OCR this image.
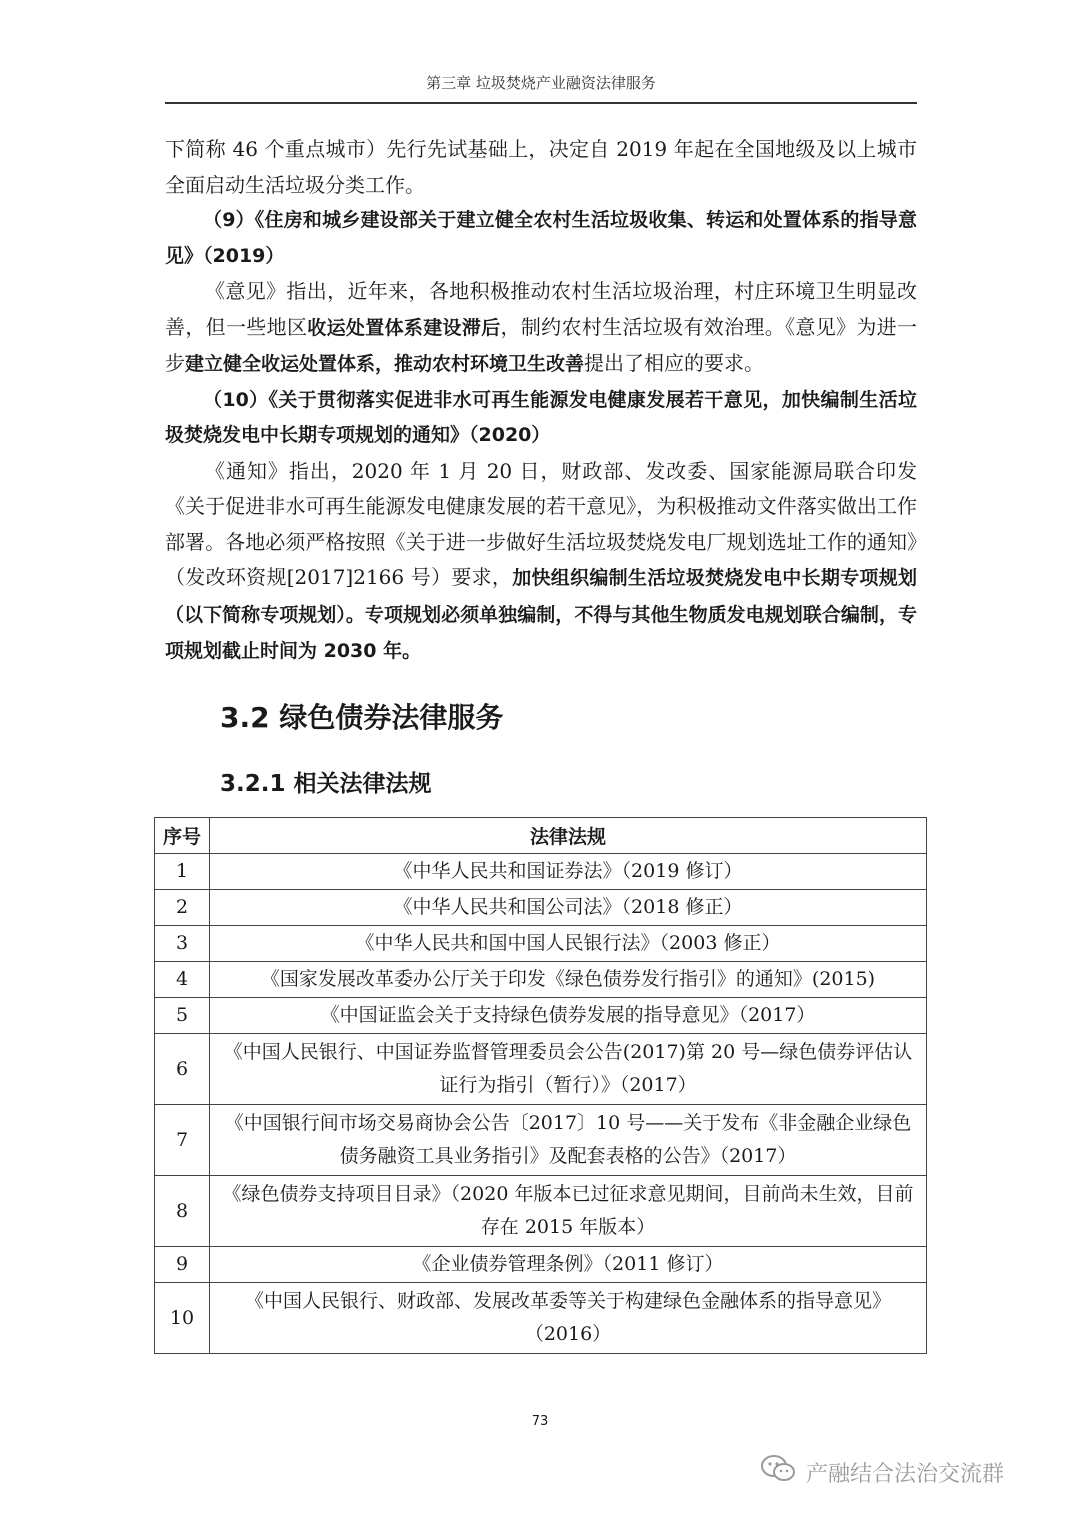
第三章 垃圾焚烧产业融资法律服务

下简称 46 个重点城市）先行先试基础上，决定自 2019 年起在全国地级及以上城市全面启动生活垃圾分类工作。

（9）《住房和城乡建设部关于建立健全农村生活垃圾收集、转运和处置体系的指导意见》（2019）

《意见》指出，近年来，各地积极推动农村生活垃圾治理，村庄环境卫生明显改善，但一些地区收运处置体系建设滞后，制约农村生活垃圾有效治理。《意见》为进一步建立健全收运处置体系，推动农村环境卫生改善提出了相应的要求。

（10）《关于贯彻落实促进非水可再生能源发电健康发展若干意见，加快编制生活垃圾焚烧发电中长期专项规划的通知》（2020）

《通知》指出，2020 年 1 月 20 日，财政部、发改委、国家能源局联合印发《关于促进非水可再生能源发电健康发展的若干意见》，为积极推动文件落实做出工作部署。各地必须严格按照《关于进一步做好生活垃圾焚烧发电厂规划选址工作的通知》（发改环资规[2017]2166 号）要求，加快组织编制生活垃圾焚烧发电中长期专项规划（以下简称专项规划）。专项规划必须单独编制，不得与其他生物质发电规划联合编制，专项规划截止时间为 2030 年。

3.2 绿色债券法律服务
3.2.1 相关法律法规
序号	法律法规
1	《中华人民共和国证券法》（2019 修订）
2	《中华人民共和国公司法》（2018 修正）
3	《中华人民共和国中国人民银行法》（2003 修正）
4	《国家发展改革委办公厅关于印发《绿色债券发行指引》的通知》(2015)
5	《中国证监会关于支持绿色债券发展的指导意见》（2017）
6	《中国人民银行、中国证券监督管理委员会公告(2017)第 20 号—绿色债券评估认证行为指引（暂行）》（2017）
7	《中国银行间市场交易商协会公告〔2017〕10 号——关于发布《非金融企业绿色债务融资工具业务指引》及配套表格的公告》（2017）
8	《绿色债券支持项目目录》（2020 年版本已过征求意见期间，目前尚未生效，目前存在 2015 年版本）
9	《企业债券管理条例》（2011 修订）
10	《中国人民银行、财政部、发展改革委等关于构建绿色金融体系的指导意见》（2016）
73
产融结合法治交流群
